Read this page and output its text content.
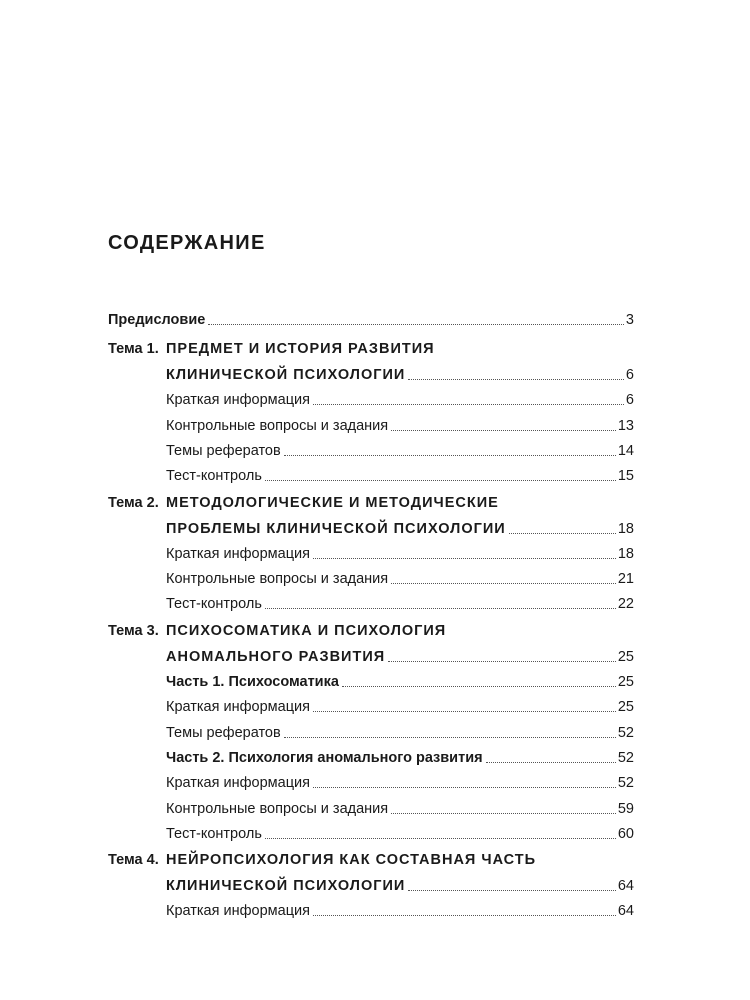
СОДЕРЖАНИЕ
Предисловие	3
Тема 1. ПРЕДМЕТ И ИСТОРИЯ РАЗВИТИЯ
КЛИНИЧЕСКОЙ ПСИХОЛОГИИ	6
Краткая информация	6
Контрольные вопросы и задания	13
Темы рефератов	14
Тест-контроль	15
Тема 2. МЕТОДОЛОГИЧЕСКИЕ И МЕТОДИЧЕСКИЕ
ПРОБЛЕМЫ КЛИНИЧЕСКОЙ ПСИХОЛОГИИ	18
Краткая информация	18
Контрольные вопросы и задания	21
Тест-контроль	22
Тема 3. ПСИХОСОМАТИКА И ПСИХОЛОГИЯ
АНОМАЛЬНОГО РАЗВИТИЯ	25
Часть 1. Психосоматика	25
Краткая информация	25
Темы рефератов	52
Часть 2. Психология аномального развития	52
Краткая информация	52
Контрольные вопросы и задания	59
Тест-контроль	60
Тема 4. НЕЙРОПСИХОЛОГИЯ КАК СОСТАВНАЯ ЧАСТЬ
КЛИНИЧЕСКОЙ ПСИХОЛОГИИ	64
Краткая информация	64
